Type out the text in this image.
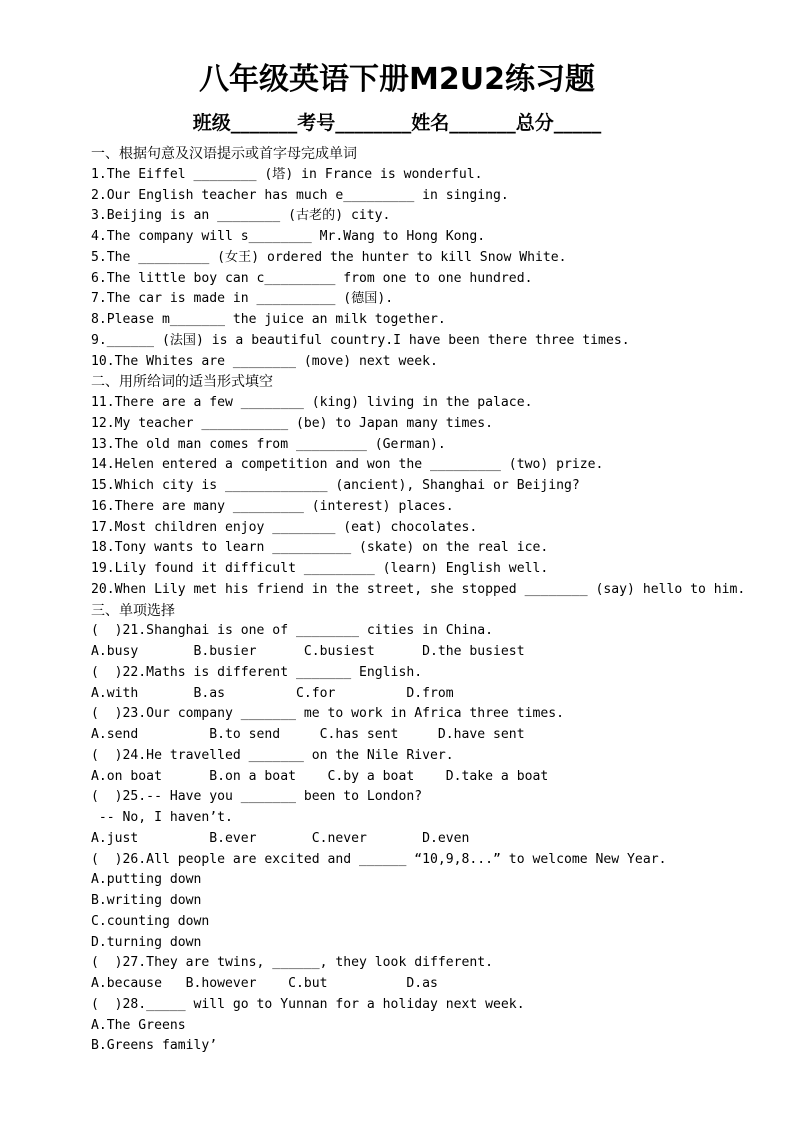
八年级英语下册M2U2练习题
班级_______考号________姓名_______总分_____
一、根据句意及汉语提示或首字母完成单词
1.The Eiffel ________ (塔) in France is wonderful.
2.Our English teacher has much e_________ in singing.
3.Beijing is an ________ (古老的) city.
4.The company will s________ Mr.Wang to Hong Kong.
5.The _________ (女王) ordered the hunter to kill Snow White.
6.The little boy can c_________ from one to one hundred.
7.The car is made in __________ (德国).
8.Please m_______ the juice an milk together.
9.______ (法国) is a beautiful country.I have been there three times.
10.The Whites are ________ (move) next week.
二、用所给词的适当形式填空
11.There are a few ________ (king) living in the palace.
12.My teacher ___________ (be) to Japan many times.
13.The old man comes from _________ (German).
14.Helen entered a competition and won the _________ (two) prize.
15.Which city is _____________ (ancient), Shanghai or Beijing?
16.There are many _________ (interest) places.
17.Most children enjoy ________ (eat) chocolates.
18.Tony wants to learn __________ (skate) on the real ice.
19.Lily found it difficult _________ (learn) English well.
20.When Lily met his friend in the street, she stopped ________ (say) hello to him.
三、单项选择
(  )21.Shanghai is one of ________ cities in China.
A.busy       B.busier      C.busiest      D.the busiest
(  )22.Maths is different _______ English.
A.with       B.as         C.for         D.from
(  )23.Our company _______ me to work in Africa three times.
A.send         B.to send     C.has sent     D.have sent
(  )24.He travelled _______ on the Nile River.
A.on boat      B.on a boat    C.by a boat    D.take a boat
(  )25.-- Have you _______ been to London?
-- No, I haven’t.
A.just         B.ever       C.never       D.even
(  )26.All people are excited and ______ “10,9,8...” to welcome New Year.
A.putting down
B.writing down
C.counting down
D.turning down
(  )27.They are twins, ______, they look different.
A.because   B.however    C.but          D.as
(  )28._____ will go to Yunnan for a holiday next week.
A.The Greens
B.Greens family’
